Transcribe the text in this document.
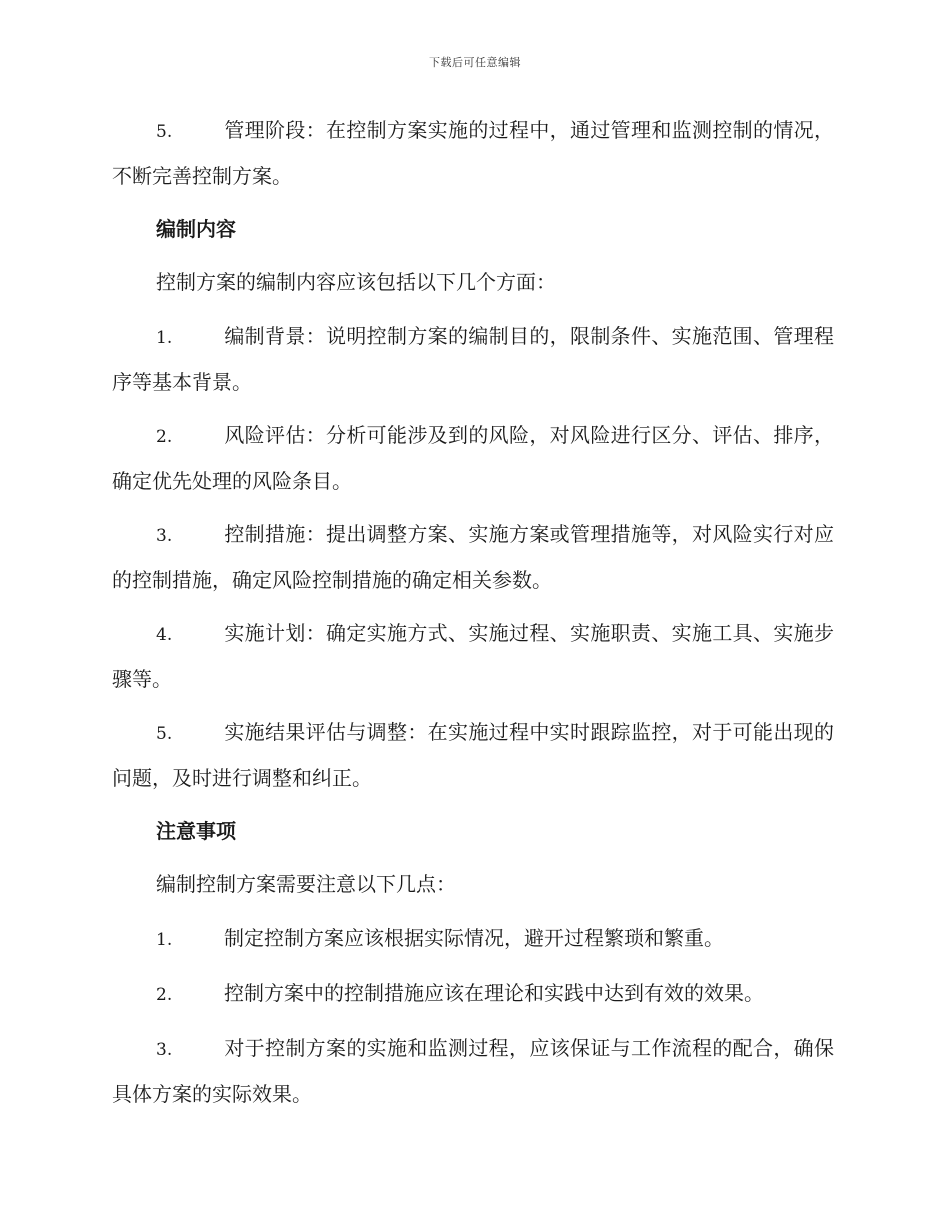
下载后可任意编辑

5.	管理阶段：在控制方案实施的过程中，通过管理和监测控制的情况，不断完善控制方案。

编制内容

控制方案的编制内容应该包括以下几个方面：

1.	编制背景：说明控制方案的编制目的，限制条件、实施范围、管理程序等基本背景。

2.	风险评估：分析可能涉及到的风险，对风险进行区分、评估、排序，确定优先处理的风险条目。

3.	控制措施：提出调整方案、实施方案或管理措施等，对风险实行对应的控制措施，确定风险控制措施的确定相关参数。

4.	实施计划：确定实施方式、实施过程、实施职责、实施工具、实施步骤等。

5.	实施结果评估与调整：在实施过程中实时跟踪监控，对于可能出现的问题，及时进行调整和纠正。

注意事项

编制控制方案需要注意以下几点：

1.	制定控制方案应该根据实际情况，避开过程繁琐和繁重。

2.	控制方案中的控制措施应该在理论和实践中达到有效的效果。

3.	对于控制方案的实施和监测过程，应该保证与工作流程的配合，确保具体方案的实际效果。
